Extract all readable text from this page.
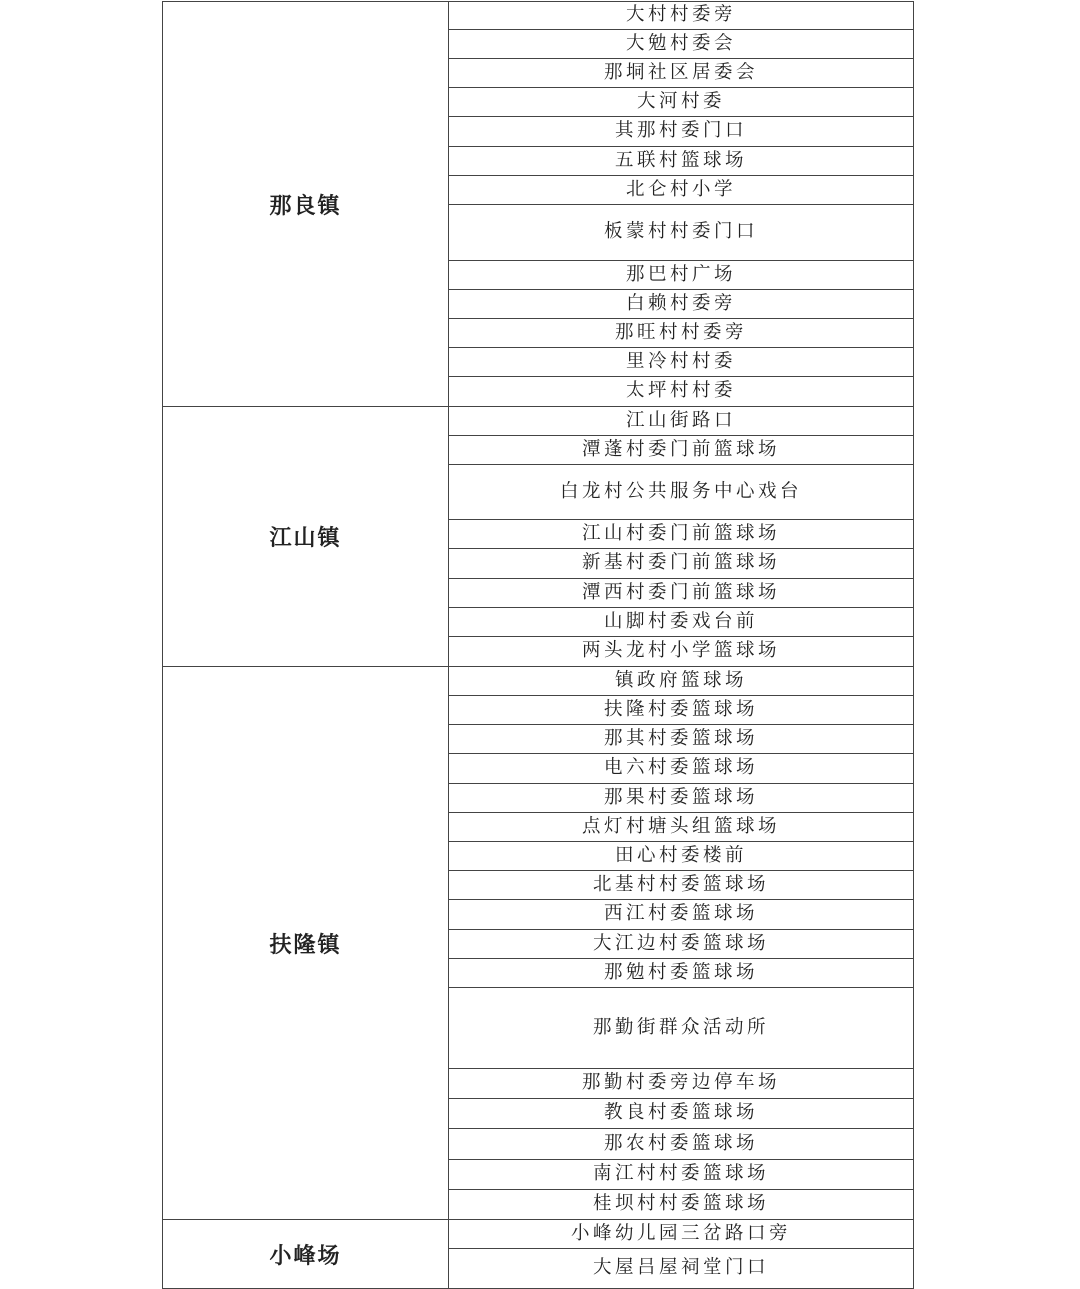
那良镇	大村村委旁
	大勉村委会
	那垌社区居委会
	大河村委
	其那村委门口
	五联村篮球场
	北仑村小学
	板蒙村村委门口
	那巴村广场
	白赖村委旁
	那旺村村委旁
	里冷村村委
	太坪村村委
江山镇	江山街路口
	潭蓬村委门前篮球场
	白龙村公共服务中心戏台
	江山村委门前篮球场
	新基村委门前篮球场
	潭西村委门前篮球场
	山脚村委戏台前
	两头龙村小学篮球场
扶隆镇	镇政府篮球场
	扶隆村委篮球场
	那其村委篮球场
	电六村委篮球场
	那果村委篮球场
	点灯村塘头组篮球场
	田心村委楼前
	北基村村委篮球场
	西江村委篮球场
	大江边村委篮球场
	那勉村委篮球场
	那勤街群众活动所
	那勤村委旁边停车场
	教良村委篮球场
	那农村委篮球场
	南江村村委篮球场
	桂坝村村委篮球场
小峰场	小峰幼儿园三岔路口旁
	大屋吕屋祠堂门口
